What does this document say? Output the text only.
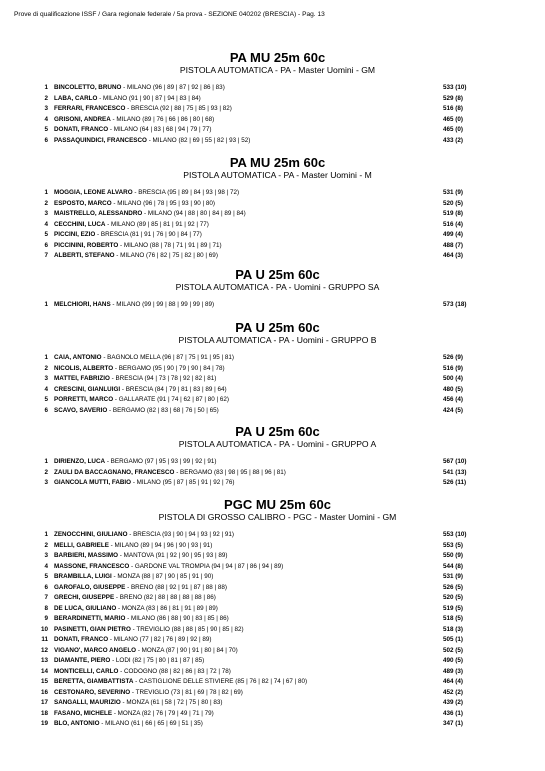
Prove di qualificazione ISSF / Gara regionale federale / 5a prova - SEZIONE 040202 (BRESCIA) - Pag. 13
PA MU 25m 60c
PISTOLA AUTOMATICA - PA - Master Uomini - GM
1 BINCOLETTO, BRUNO - MILANO (96 | 89 | 87 | 92 | 86 | 83)	533 (10)
2 LABA, CARLO - MILANO (91 | 90 | 87 | 94 | 83 | 84)	529 (8)
3 FERRARI, FRANCESCO - BRESCIA (92 | 88 | 75 | 85 | 93 | 82)	516 (8)
4 GRISONI, ANDREA - MILANO (89 | 76 | 66 | 86 | 80 | 68)	465 (0)
5 DONATI, FRANCO - MILANO (64 | 83 | 68 | 94 | 79 | 77)	465 (0)
6 PASSAQUINDICI, FRANCESCO - MILANO (82 | 69 | 55 | 82 | 93 | 52)	433 (2)
PA MU 25m 60c
PISTOLA AUTOMATICA - PA - Master Uomini - M
1 MOGGIA, LEONE ALVARO - BRESCIA (95 | 89 | 84 | 93 | 98 | 72)	531 (9)
2 ESPOSTO, MARCO - MILANO (96 | 78 | 95 | 93 | 90 | 80)	520 (5)
3 MAISTRELLO, ALESSANDRO - MILANO (94 | 88 | 80 | 84 | 89 | 84)	519 (8)
4 CECCHINI, LUCA - MILANO (89 | 85 | 81 | 91 | 92 | 77)	516 (4)
5 PICCINI, EZIO - BRESCIA (81 | 91 | 76 | 90 | 84 | 77)	499 (4)
6 PICCININI, ROBERTO - MILANO (88 | 78 | 71 | 91 | 89 | 71)	488 (7)
7 ALBERTI, STEFANO - MILANO (76 | 82 | 75 | 82 | 80 | 69)	464 (3)
PA U 25m 60c
PISTOLA AUTOMATICA - PA - Uomini - GRUPPO SA
1 MELCHIORI, HANS - MILANO (99 | 99 | 88 | 99 | 99 | 89)	573 (18)
PA U 25m 60c
PISTOLA AUTOMATICA - PA - Uomini - GRUPPO B
1 CAIA, ANTONIO - BAGNOLO MELLA (96 | 87 | 75 | 91 | 95 | 81)	526 (9)
2 NICOLIS, ALBERTO - BERGAMO (95 | 90 | 79 | 90 | 84 | 78)	516 (9)
3 MATTEI, FABRIZIO - BRESCIA (94 | 73 | 78 | 92 | 82 | 81)	500 (4)
4 CRESCINI, GIANLUIGI - BRESCIA (84 | 79 | 81 | 83 | 89 | 64)	480 (5)
5 PORRETTI, MARCO - GALLARATE (91 | 74 | 62 | 87 | 80 | 62)	456 (4)
6 SCAVO, SAVERIO - BERGAMO (82 | 83 | 68 | 76 | 50 | 65)	424 (5)
PA U 25m 60c
PISTOLA AUTOMATICA - PA - Uomini - GRUPPO A
1 DIRIENZO, LUCA - BERGAMO (97 | 95 | 93 | 99 | 92 | 91)	567 (10)
2 ZAULI DA BACCAGNANO, FRANCESCO - BERGAMO (83 | 98 | 95 | 88 | 96 | 81)	541 (13)
3 GIANCOLA MUTTI, FABIO - MILANO (95 | 87 | 85 | 91 | 92 | 76)	526 (11)
PGC MU 25m 60c
PISTOLA DI GROSSO CALIBRO - PGC - Master Uomini - GM
1 ZENOCCHINI, GIULIANO - BRESCIA (93 | 90 | 94 | 93 | 92 | 91)	553 (10)
2 MELLI, GABRIELE - MILANO (89 | 94 | 96 | 90 | 93 | 91)	553 (5)
3 BARBIERI, MASSIMO - MANTOVA (91 | 92 | 90 | 95 | 93 | 89)	550 (9)
4 MASSONE, FRANCESCO - GARDONE VAL TROMPIA (94 | 94 | 87 | 86 | 94 | 89)	544 (8)
5 BRAMBILLA, LUIGI - MONZA (88 | 87 | 90 | 85 | 91 | 90)	531 (9)
6 GAROFALO, GIUSEPPE - BRENO (88 | 92 | 91 | 87 | 88 | 88)	526 (5)
7 GRECHI, GIUSEPPE - BRENO (82 | 88 | 88 | 88 | 88 | 86)	520 (5)
8 DE LUCA, GIULIANO - MONZA (83 | 86 | 81 | 91 | 89 | 89)	519 (5)
9 BERARDINETTI, MARIO - MILANO (86 | 88 | 90 | 83 | 85 | 86)	518 (5)
10 PASINETTI, GIAN PIETRO - TREVIGLIO (88 | 88 | 85 | 90 | 85 | 82)	518 (3)
11 DONATI, FRANCO - MILANO (77 | 82 | 76 | 89 | 92 | 89)	505 (1)
12 VIGANO', MARCO ANGELO - MONZA (87 | 90 | 91 | 80 | 84 | 70)	502 (5)
13 DIAMANTE, PIERO - LODI (82 | 75 | 80 | 81 | 87 | 85)	490 (5)
14 MONTICELLI, CARLO - CODOGNO (88 | 82 | 86 | 83 | 72 | 78)	489 (3)
15 BERETTA, GIAMBATTISTA - CASTIGLIONE DELLE STIVIERE (85 | 76 | 82 | 74 | 67 | 80)	464 (4)
16 CESTONARO, SEVERINO - TREVIGLIO (73 | 81 | 69 | 78 | 82 | 69)	452 (2)
17 SANGALLI, MAURIZIO - MONZA (61 | 58 | 72 | 75 | 80 | 83)	439 (2)
18 FASANO, MICHELE - MONZA (82 | 76 | 79 | 49 | 71 | 79)	436 (1)
19 BLO, ANTONIO - MILANO (61 | 66 | 65 | 69 | 51 | 35)	347 (1)
